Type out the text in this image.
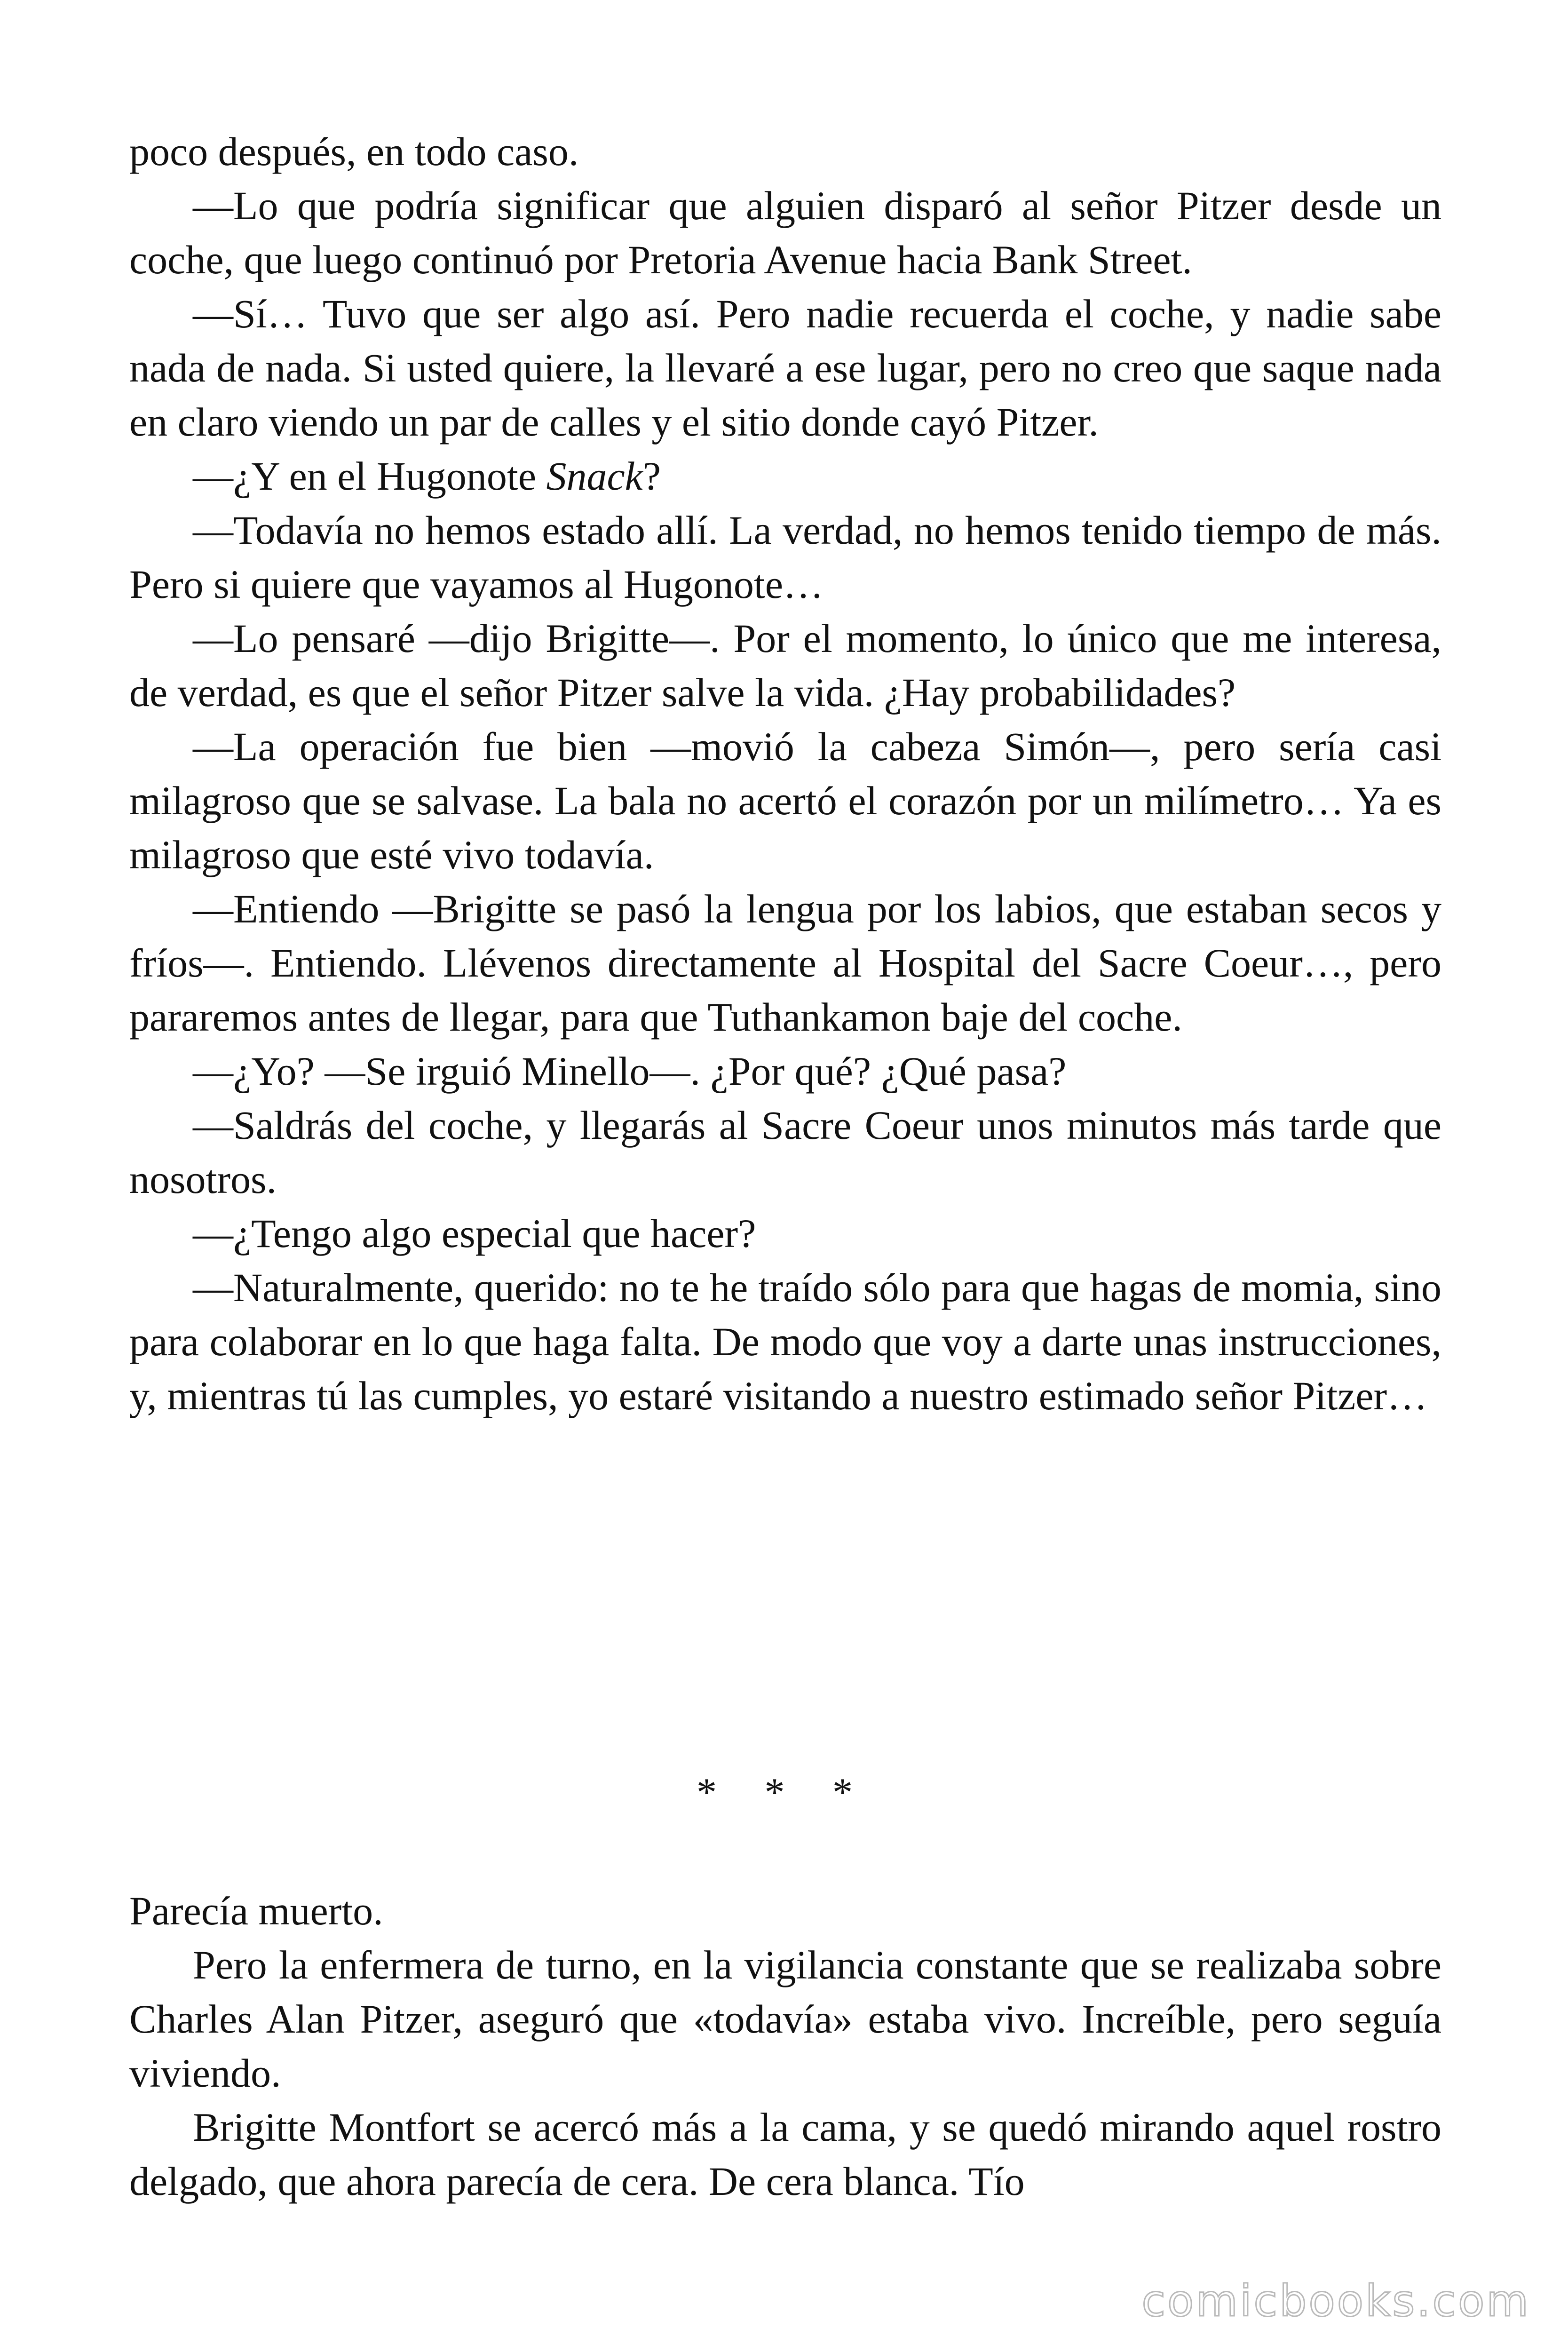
poco después, en todo caso.

—Lo que podría significar que alguien disparó al señor Pitzer desde un coche, que luego continuó por Pretoria Avenue hacia Bank Street.

—Sí… Tuvo que ser algo así. Pero nadie recuerda el coche, y nadie sabe nada de nada. Si usted quiere, la llevaré a ese lugar, pero no creo que saque nada en claro viendo un par de calles y el sitio donde cayó Pitzer.

—¿Y en el Hugonote Snack?

—Todavía no hemos estado allí. La verdad, no hemos tenido tiempo de más. Pero si quiere que vayamos al Hugonote…

—Lo pensaré —dijo Brigitte—. Por el momento, lo único que me interesa, de verdad, es que el señor Pitzer salve la vida. ¿Hay probabilidades?

—La operación fue bien —movió la cabeza Simón—, pero sería casi milagroso que se salvase. La bala no acertó el corazón por un milímetro… Ya es milagroso que esté vivo todavía.

—Entiendo —Brigitte se pasó la lengua por los labios, que estaban secos y fríos—. Entiendo. Llévenos directamente al Hospital del Sacre Coeur…, pero pararemos antes de llegar, para que Tuthankamon baje del coche.

—¿Yo? —Se irguió Minello—. ¿Por qué? ¿Qué pasa?

—Saldrás del coche, y llegarás al Sacre Coeur unos minutos más tarde que nosotros.

—¿Tengo algo especial que hacer?

—Naturalmente, querido: no te he traído sólo para que hagas de momia, sino para colaborar en lo que haga falta. De modo que voy a darte unas instrucciones, y, mientras tú las cumples, yo estaré visitando a nuestro estimado señor Pitzer…

* * *

Parecía muerto.

Pero la enfermera de turno, en la vigilancia constante que se realizaba sobre Charles Alan Pitzer, aseguró que «todavía» estaba vivo. Increíble, pero seguía viviendo.

Brigitte Montfort se acercó más a la cama, y se quedó mirando aquel rostro delgado, que ahora parecía de cera. De cera blanca. Tío

comicbooks.com
